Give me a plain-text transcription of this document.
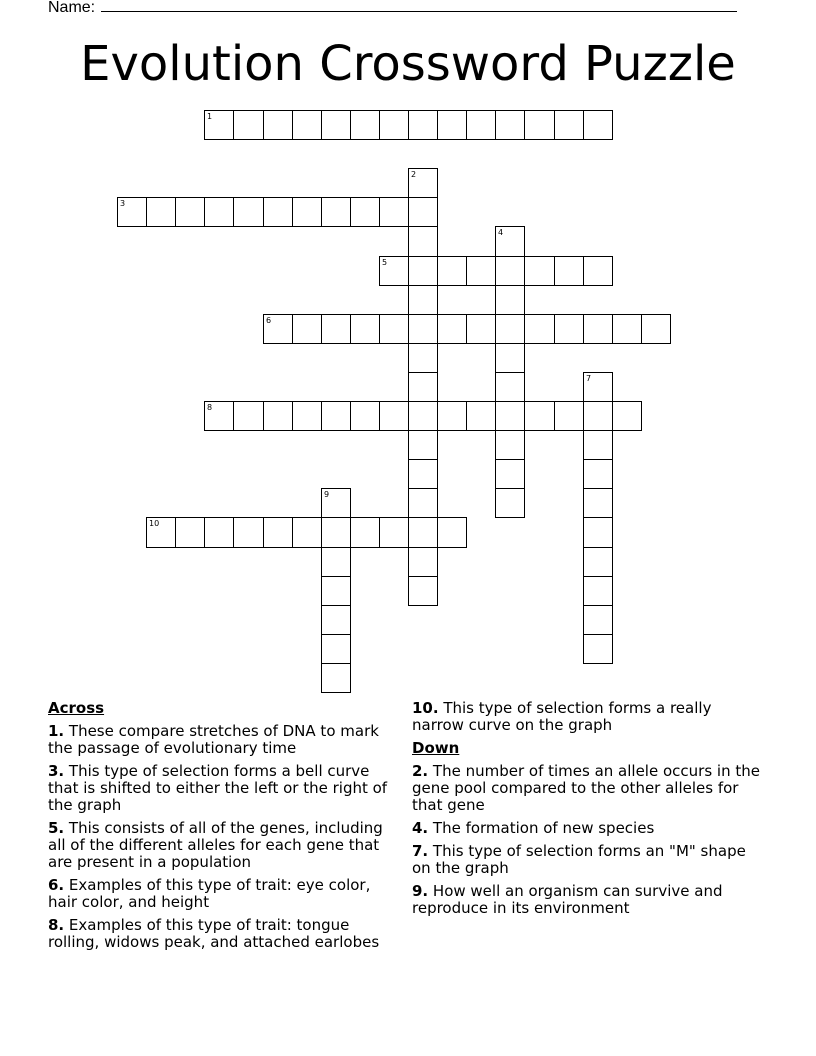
Name:
Evolution Crossword Puzzle
1
2
3
4
5
6
7
8
9
10
Across
1. These compare stretches of DNA to mark the passage of evolutionary time
3. This type of selection forms a bell curve that is shifted to either the left or the right of the graph
5. This consists of all of the genes, including all of the different alleles for each gene that are present in a population
6. Examples of this type of trait: eye color, hair color, and height
8. Examples of this type of trait: tongue rolling, widows peak, and attached earlobes
10. This type of selection forms a really narrow curve on the graph
Down
2. The number of times an allele occurs in the gene pool compared to the other alleles for that gene
4. The formation of new species
7. This type of selection forms an "M" shape on the graph
9. How well an organism can survive and reproduce in its environment
